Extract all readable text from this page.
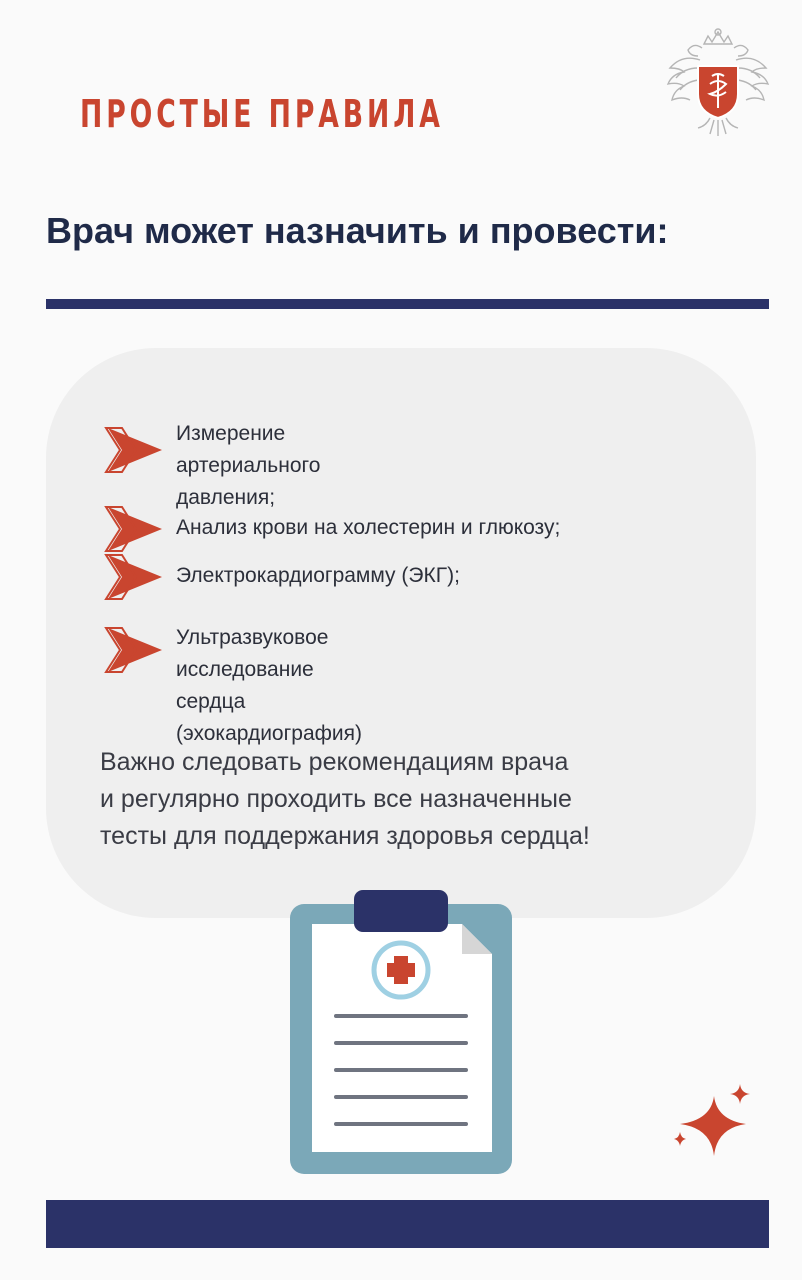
ПРОСТЫЕ ПРАВИЛА
Врач может назначить и провести:
Измерение артериального
давления;
Анализ крови на холестерин и глюкозу;
Электрокардиограмму (ЭКГ);
Ультразвуковое исследование сердца
(эхокардиография)
Важно следовать рекомендациям врача
и регулярно проходить все назначенные
тесты для поддержания здоровья сердца!
